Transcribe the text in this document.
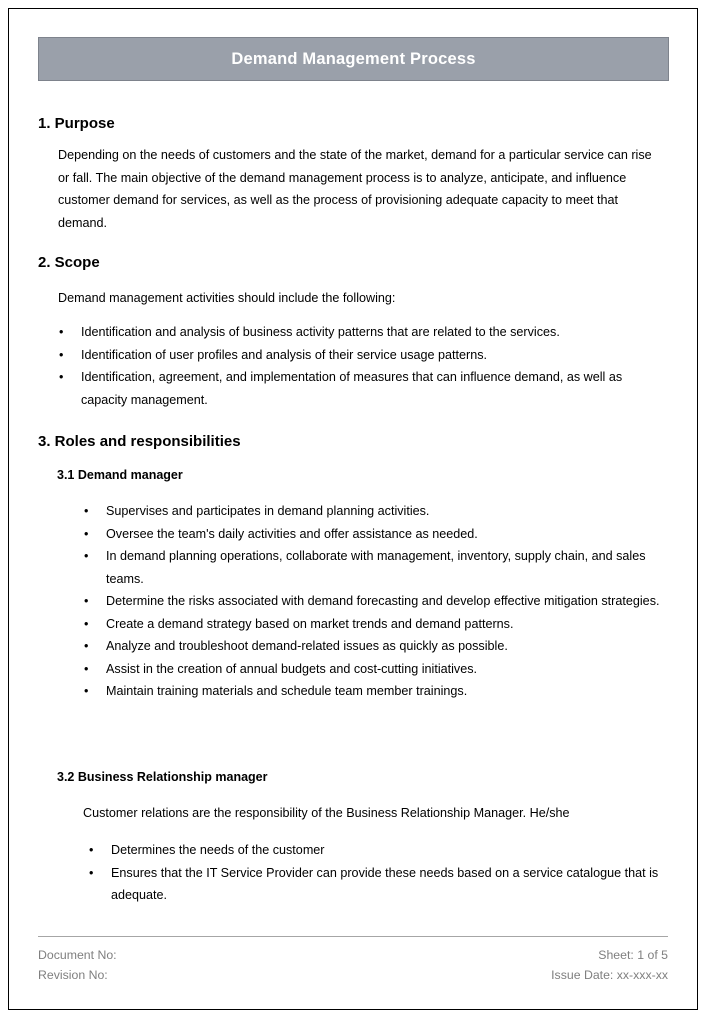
Demand Management Process
1. Purpose

Depending on the needs of customers and the state of the market, demand for a particular service can rise or fall. The main objective of the demand management process is to analyze, anticipate, and influence customer demand for services, as well as the process of provisioning adequate capacity to meet that demand.

2. Scope

Demand management activities should include the following:

• Identification and analysis of business activity patterns that are related to the services.
• Identification of user profiles and analysis of their service usage patterns.
• Identification, agreement, and implementation of measures that can influence demand, as well as capacity management.
3. Roles and responsibilities
3.1 Demand manager
• Supervises and participates in demand planning activities.
• Oversee the team's daily activities and offer assistance as needed.
• In demand planning operations, collaborate with management, inventory, supply chain, and sales teams.
• Determine the risks associated with demand forecasting and develop effective mitigation strategies.
• Create a demand strategy based on market trends and demand patterns.
• Analyze and troubleshoot demand-related issues as quickly as possible.
• Assist in the creation of annual budgets and cost-cutting initiatives.
• Maintain training materials and schedule team member trainings.
3.2 Business Relationship manager

Customer relations are the responsibility of the Business Relationship Manager. He/she

• Determines the needs of the customer
• Ensures that the IT Service Provider can provide these needs based on a service catalogue that is adequate.
Document No:	Sheet: 1 of 5
Revision No:	Issue Date: xx-xxx-xx
